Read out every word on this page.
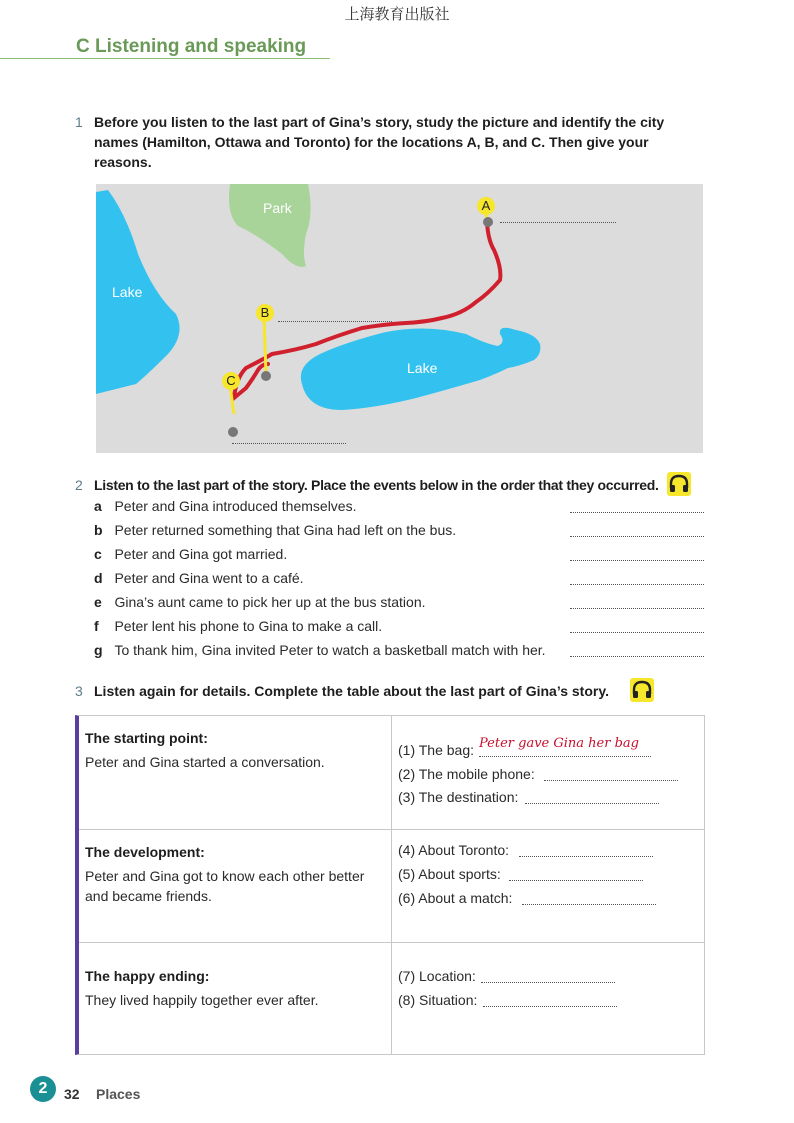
上海教育出版社
C Listening and speaking
1 Before you listen to the last part of Gina’s story, study the picture and identify the city names (Hamilton, Ottawa and Toronto) for the locations A, B, and C. Then give your reasons.
Park
Lake
Lake
A
B
C
2 Listen to the last part of the story. Place the events below in the order that they occurred.
a Peter and Gina introduced themselves.
b Peter returned something that Gina had left on the bus.
c Peter and Gina got married.
d Peter and Gina went to a café.
e Gina’s aunt came to pick her up at the bus station.
f Peter lent his phone to Gina to make a call.
g To thank him, Gina invited Peter to watch a basketball match with her.
3 Listen again for details. Complete the table about the last part of Gina’s story.
The starting point:
Peter and Gina started a conversation.
(1) The bag: Peter gave Gina her bag
(2) The mobile phone:
(3) The destination:
The development:
Peter and Gina got to know each other better and became friends.
(4) About Toronto:
(5) About sports:
(6) About a match:
The happy ending:
They lived happily together ever after.
(7) Location:
(8) Situation:
2	32 Places
